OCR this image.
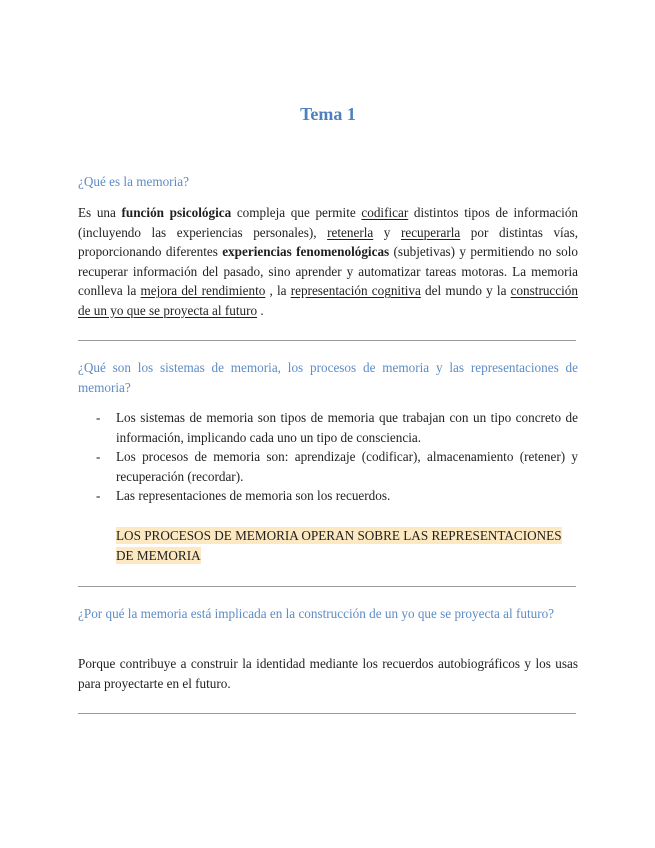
Tema 1

¿Qué es la memoria?

Es una función psicológica compleja que permite codificar distintos tipos de información (incluyendo las experiencias personales), retenerla y recuperarla por distintas vías, proporcionando diferentes experiencias fenomenológicas (subjetivas) y permitiendo no solo recuperar información del pasado, sino aprender y automatizar tareas motoras. La memoria conlleva la mejora del rendimiento , la representación cognitiva del mundo y la construcción de un yo que se proyecta al futuro .

¿Qué son los sistemas de memoria, los procesos de memoria y las representaciones de memoria?

- Los sistemas de memoria son tipos de memoria que trabajan con un tipo concreto de información, implicando cada uno un tipo de consciencia.
- Los procesos de memoria son: aprendizaje (codificar), almacenamiento (retener) y recuperación (recordar).
- Las representaciones de memoria son los recuerdos.
LOS PROCESOS DE MEMORIA OPERAN SOBRE LAS REPRESENTACIONES DE MEMORIA

¿Por qué la memoria está implicada en la construcción de un yo que se proyecta al futuro?

Porque contribuye a construir la identidad mediante los recuerdos autobiográficos y los usas para proyectarte en el futuro.
